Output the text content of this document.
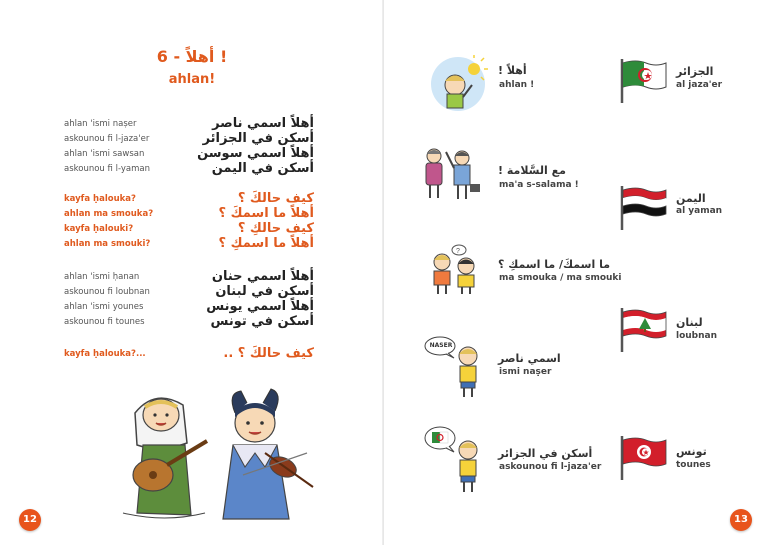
6 - أهلاً !
ahlan!
ahlan 'ismi naṣer	أهلاً اسمي ناصر
askounou fi l-jaza'er	أسكن في الجزائر
ahlan 'ismi sawsan	أهلاً اسمي سوسن
askounou fi l-yaman	أسكن في اليمن
kayfa ḥalouka?	كيف حالكَ ؟
ahlan ma smouka?	أهلاً ما اسمكَ ؟
kayfa ḥalouki?	كيف حالكِ ؟
ahlan ma smouki?	أهلاً ما اسمكِ ؟
ahlan 'ismi ḥanan	أهلاً اسمي حنان
askounou fi loubnan	أسكن في لبنان
ahlan 'ismi younes	أهلاً اسمي يونس
askounou fi tounes	أسكن في تونس
kayfa ḥalouka?...	كيف حالكَ ؟ ..
12
أهلاً !
ahlan !
مع السَّلامة !
ma'a s-salama !
?
ما اسمكَ/ ما اسمكِ ؟
ma smouka / ma smouki
NASER
اسمي ناصر
ismi naṣer
أسكن في الجزائر
askounou fi l-jaza'er
الجزائر
al jaza'er
اليمن
al yaman
لبنان
loubnan
تونس
tounes
13
